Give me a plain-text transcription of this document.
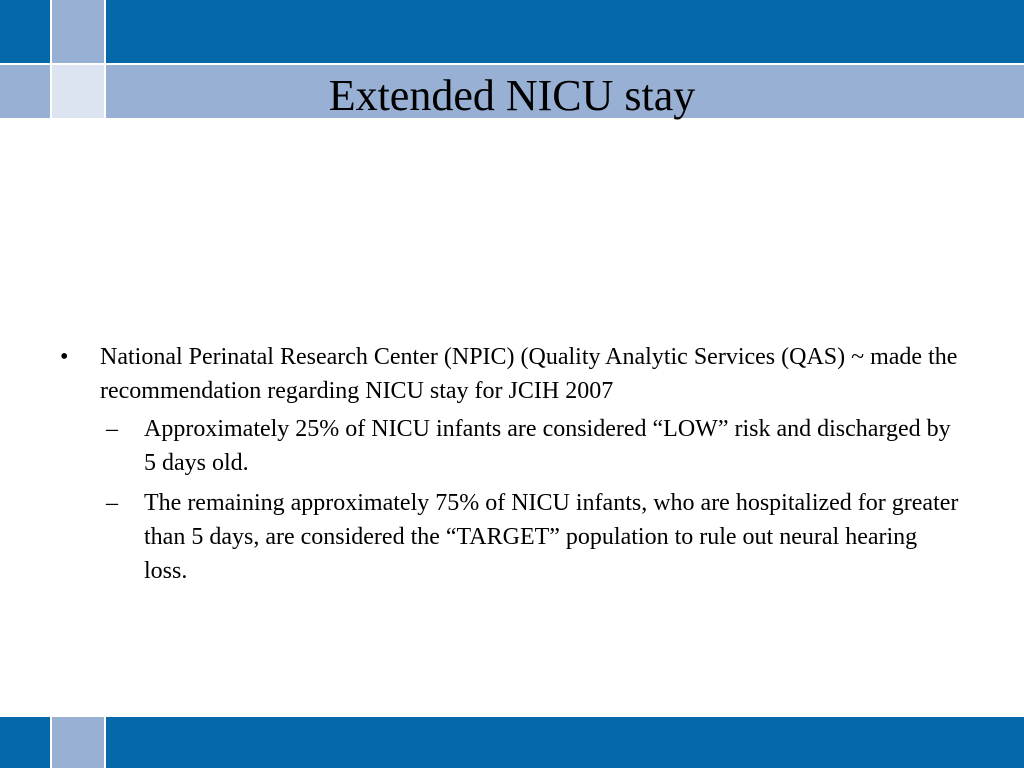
Extended NICU stay
• National Perinatal Research Center (NPIC) (Quality Analytic Services (QAS) ~ made the recommendation regarding NICU stay for JCIH 2007
– Approximately 25% of NICU infants are considered “LOW” risk and discharged by 5 days old.
– The remaining approximately 75% of NICU infants, who are hospitalized for greater than 5 days, are considered the “TARGET” population to rule out neural hearing loss.
